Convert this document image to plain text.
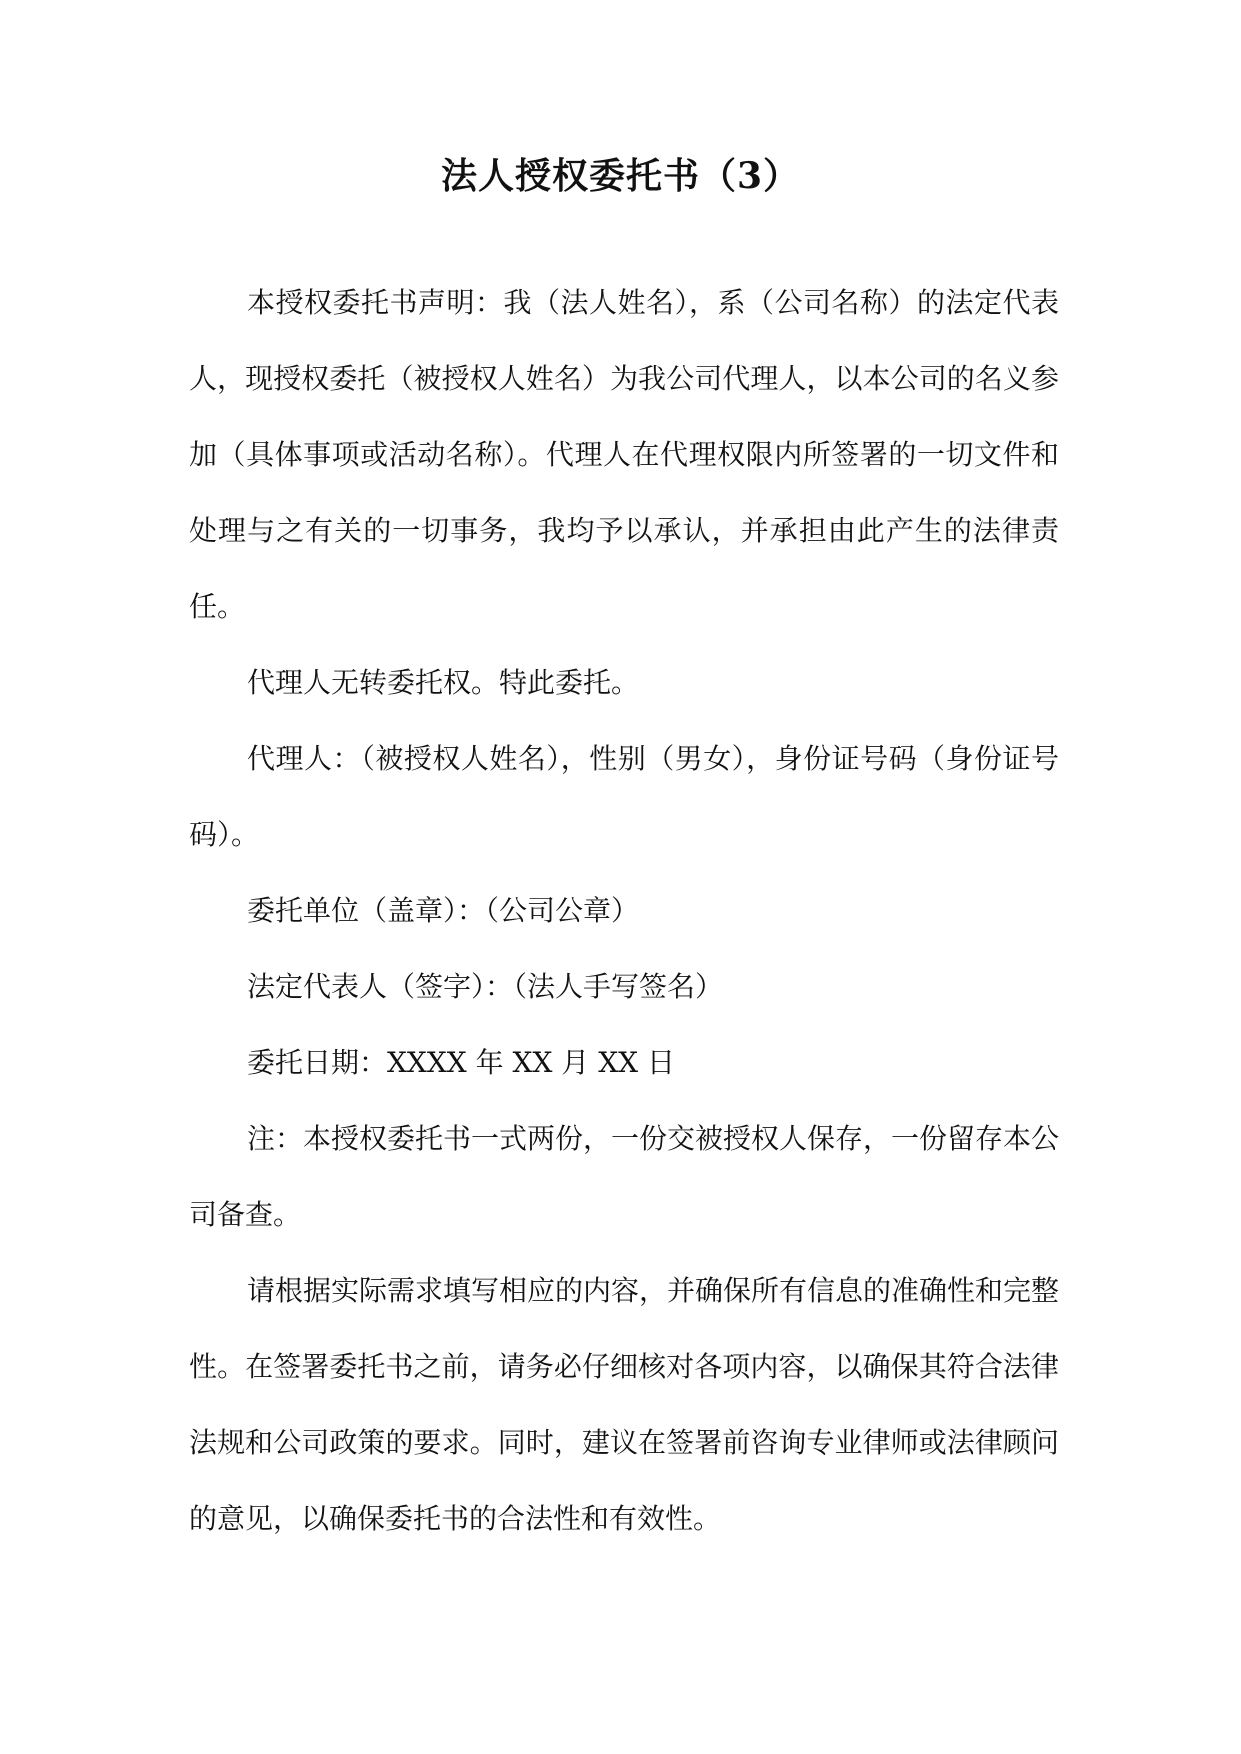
法人授权委托书（3）

本授权委托书声明：我（法人姓名），系（公司名称）的法定代表人，现授权委托（被授权人姓名）为我公司代理人，以本公司的名义参加（具体事项或活动名称）。代理人在代理权限内所签署的一切文件和处理与之有关的一切事务，我均予以承认，并承担由此产生的法律责任。

代理人无转委托权。特此委托。

代理人：（被授权人姓名），性别（男女），身份证号码（身份证号码）。

委托单位（盖章）：（公司公章）

法定代表人（签字）：（法人手写签名）

委托日期：XXXX 年 XX 月 XX 日

注：本授权委托书一式两份，一份交被授权人保存，一份留存本公司备查。

请根据实际需求填写相应的内容，并确保所有信息的准确性和完整性。在签署委托书之前，请务必仔细核对各项内容，以确保其符合法律法规和公司政策的要求。同时，建议在签署前咨询专业律师或法律顾问的意见，以确保委托书的合法性和有效性。
